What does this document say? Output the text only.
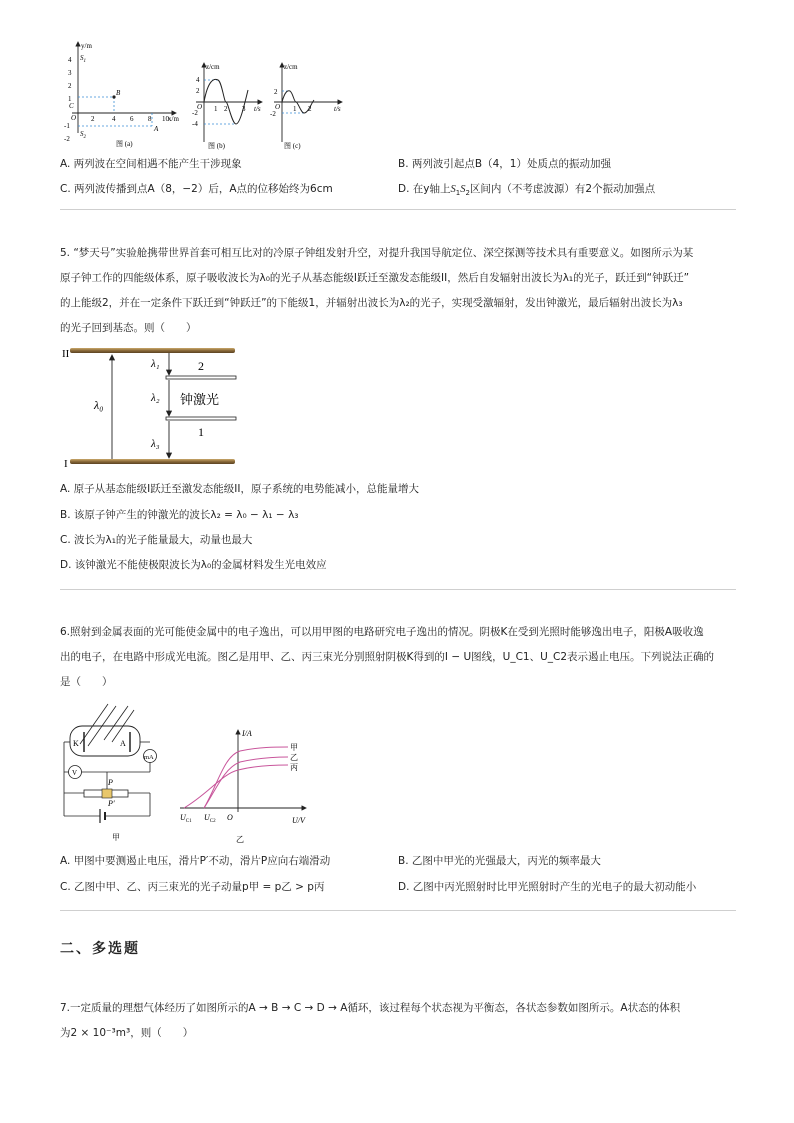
y/m
x/m
$S_1$
4
3
2
1
-1
-2
B
C
O 2	4 6 8 10
A
$S_2$
图 (a)
z/cm
t/s
4
2
-2
-4
O 1 2 3
图 (b)
z/cm
t/s
2
-2
O 1 2
图 (c)
A. 两列波在空间相遇不能产生干涉现象	B. 两列波引起点B（4，1）处质点的振动加强
C. 两列波传播到点A（8，−2）后，A点的位移始终为6cm	D. 在y轴上$S_1S_2$区间内（不考虑波源）有2个振动加强点
5. “梦天号”实验舱携带世界首套可相互比对的冷原子钟组发射升空，对提升我国导航定位、深空探测等技术具有重要意义。如图所示为某
原子钟工作的四能级体系，原子吸收波长为λ₀的光子从基态能级I跃迁至激发态能级II，然后自发辐射出波长为λ₁的光子，跃迁到“钟跃迁”
的上能级2，并在一定条件下跃迁到“钟跃迁”的下能级1，并辐射出波长为λ₂的光子，实现受激辐射，发出钟激光，最后辐射出波长为λ₃
的光子回到基态。则（　　）
II
I
2
1
λ₀
λ₁
λ₂
λ₃
钟激光
A. 原子从基态能级I跃迁至激发态能级II，原子系统的电势能减小，总能量增大
B. 该原子钟产生的钟激光的波长λ₂ = λ₀ − λ₁ − λ₃
C. 波长为λ₁的光子能量最大，动量也最大
D. 该钟激光不能使极限波长为λ₀的金属材料发生光电效应
6.照射到金属表面的光可能使金属中的电子逸出，可以用甲图的电路研究电子逸出的情况。阴极K在受到光照时能够逸出电子，阳极A吸收逸
出的电子，在电路中形成光电流。图乙是用甲、乙、丙三束光分别照射阴极K得到的I − U图线，U_C1、U_C2表示遏止电压。下列说法正确的
是（　　）
K	A
mA
V
P
P′
甲
I/A
U/V
O
甲
乙
丙
$U_{C1}$ $U_{C2}$
乙
A. 甲图中要测遏止电压，滑片P′不动，滑片P应向右端滑动	B. 乙图中甲光的光强最大，丙光的频率最大
C. 乙图中甲、乙、丙三束光的光子动量p甲 = p乙 > p丙	D. 乙图中丙光照射时比甲光照射时产生的光电子的最大初动能小
二、多选题
7.一定质量的理想气体经历了如图所示的A → B → C → D → A循环，该过程每个状态视为平衡态，各状态参数如图所示。A状态的体积
为2 × 10⁻³m³，则（　　）
